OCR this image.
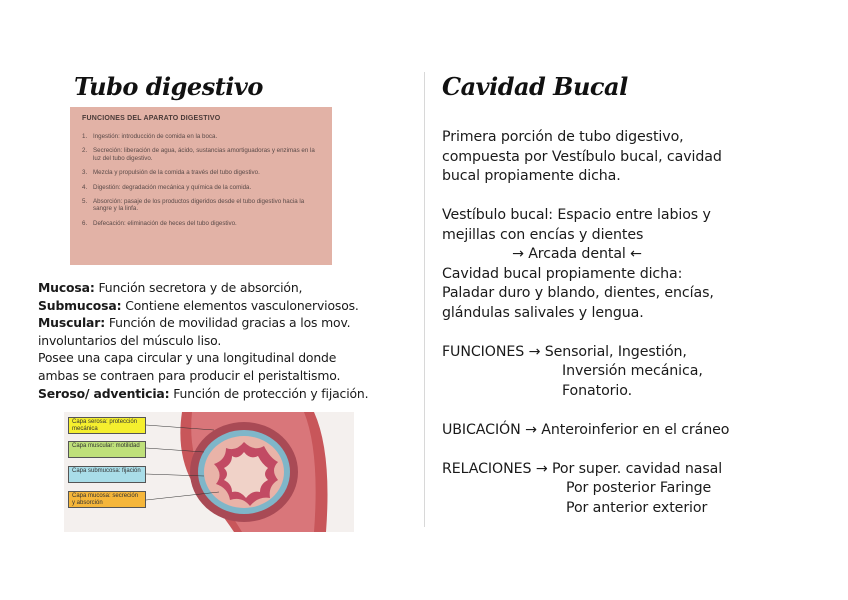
Tubo digestivo	Cavidad Bucal
FUNCIONES DEL APARATO DIGESTIVO
1. Ingestión: introducción de comida en la boca.
2. Secreción: liberación de agua, ácido, sustancias amortiguadoras y enzimas en la luz del tubo digestivo.
3. Mezcla y propulsión de la comida a través del tubo digestivo.
4. Digestión: degradación mecánica y química de la comida.
5. Absorción: pasaje de los productos digeridos desde el tubo digestivo hacia la sangre y la linfa.
6. Defecación: eliminación de heces del tubo digestivo.

Mucosa: Función secretora y de absorción,

Submucosa: Contiene elementos vasculonerviosos.

Muscular: Función de movilidad gracias a los mov.

involuntarios del músculo liso.

Posee una capa circular y una longitudinal donde

ambas se contraen para producir el peristaltismo.

Seroso/ adventicia: Función de protección y fijación.

Capa serosa: protección mecánica
Capa muscular: motilidad
Capa submucosa: fijación
Capa mucosa: secreción y absorción
Primera porción de tubo digestivo,
compuesta por Vestíbulo bucal, cavidad
bucal propiamente dicha.
Vestíbulo bucal: Espacio entre labios y
mejillas con encías y dientes
→ Arcada dental ←
Cavidad bucal propiamente dicha:
Paladar duro y blando, dientes, encías,
glándulas salivales y lengua.
FUNCIONES → Sensorial, Ingestión,
Inversión mecánica,
Fonatorio.
UBICACIÓN → Anteroinferior en el cráneo
RELACIONES → Por super. cavidad nasal
Por posterior Faringe
Por anterior exterior
